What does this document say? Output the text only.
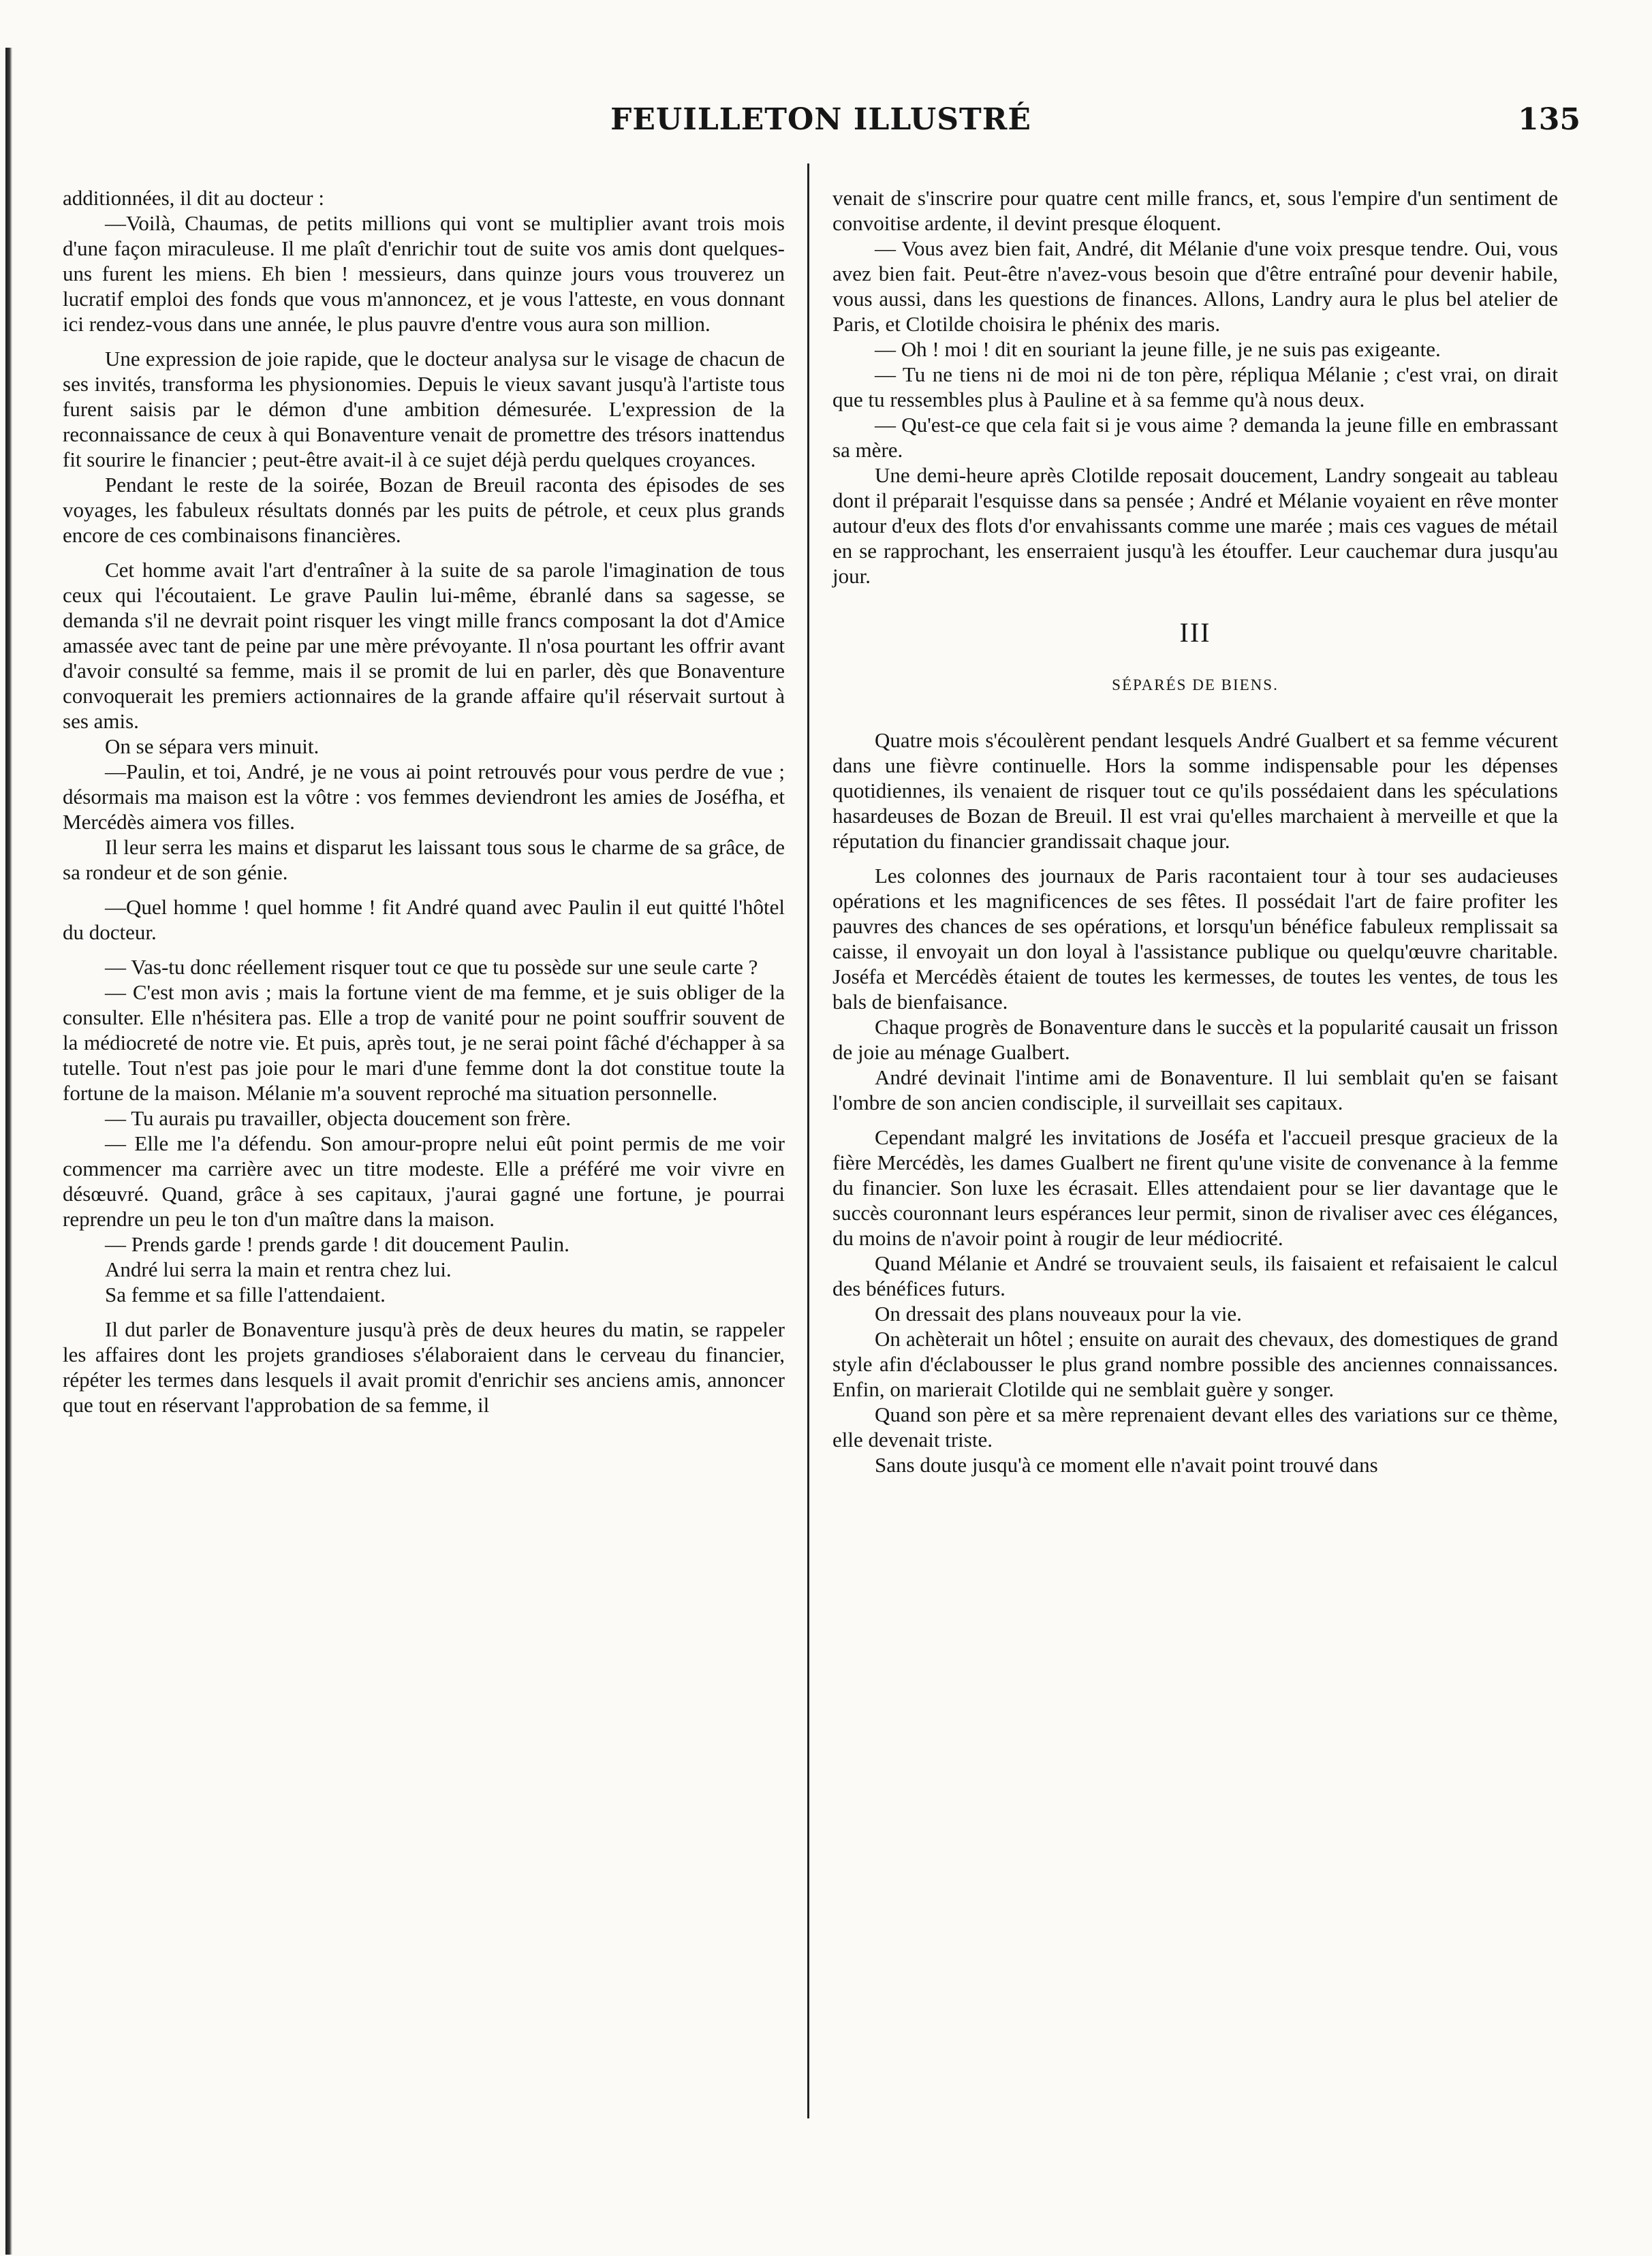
FEUILLETON ILLUSTRÉ	135

additionnées, il dit au docteur :

—Voilà, Chaumas, de petits millions qui vont se multiplier avant trois mois d'une façon miraculeuse. Il me plaît d'enrichir tout de suite vos amis dont quelques-uns furent les miens. Eh bien ! messieurs, dans quinze jours vous trouverez un lucratif emploi des fonds que vous m'annoncez, et je vous l'atteste, en vous donnant ici rendez-vous dans une année, le plus pauvre d'entre vous aura son million.

Une expression de joie rapide, que le docteur analysa sur le visage de chacun de ses invités, transforma les physionomies. Depuis le vieux savant jusqu'à l'artiste tous furent saisis par le démon d'une ambition démesurée. L'expression de la reconnaissance de ceux à qui Bonaventure venait de promettre des trésors inattendus fit sourire le financier ; peut-être avait-il à ce sujet déjà perdu quelques croyances.

Pendant le reste de la soirée, Bozan de Breuil raconta des épisodes de ses voyages, les fabuleux résultats donnés par les puits de pétrole, et ceux plus grands encore de ces combinaisons financières.

Cet homme avait l'art d'entraîner à la suite de sa parole l'imagination de tous ceux qui l'écoutaient. Le grave Paulin lui-même, ébranlé dans sa sagesse, se demanda s'il ne devrait point risquer les vingt mille francs composant la dot d'Amice amassée avec tant de peine par une mère prévoyante. Il n'osa pourtant les offrir avant d'avoir consulté sa femme, mais il se promit de lui en parler, dès que Bonaventure convoquerait les premiers actionnaires de la grande affaire qu'il réservait surtout à ses amis.

On se sépara vers minuit.

—Paulin, et toi, André, je ne vous ai point retrouvés pour vous perdre de vue ; désormais ma maison est la vôtre : vos femmes deviendront les amies de Joséfha, et Mercédès aimera vos filles.

Il leur serra les mains et disparut les laissant tous sous le charme de sa grâce, de sa rondeur et de son génie.

—Quel homme ! quel homme ! fit André quand avec Paulin il eut quitté l'hôtel du docteur.

— Vas-tu donc réellement risquer tout ce que tu possède sur une seule carte ?

— C'est mon avis ; mais la fortune vient de ma femme, et je suis obliger de la consulter. Elle n'hésitera pas. Elle a trop de vanité pour ne point souffrir souvent de la médiocreté de notre vie. Et puis, après tout, je ne serai point fâché d'échapper à sa tutelle. Tout n'est pas joie pour le mari d'une femme dont la dot constitue toute la fortune de la maison. Mélanie m'a souvent reproché ma situation personnelle.

— Tu aurais pu travailler, objecta doucement son frère.

— Elle me l'a défendu. Son amour-propre nelui eût point permis de me voir commencer ma carrière avec un titre modeste. Elle a préféré me voir vivre en désœuvré. Quand, grâce à ses capitaux, j'aurai gagné une fortune, je pourrai reprendre un peu le ton d'un maître dans la maison.

— Prends garde ! prends garde ! dit doucement Paulin.

André lui serra la main et rentra chez lui.

Sa femme et sa fille l'attendaient.

Il dut parler de Bonaventure jusqu'à près de deux heures du matin, se rappeler les affaires dont les projets grandioses s'élaboraient dans le cerveau du financier, répéter les termes dans lesquels il avait promit d'enrichir ses anciens amis, annoncer que tout en réservant l'approbation de sa femme, il

venait de s'inscrire pour quatre cent mille francs, et, sous l'empire d'un sentiment de convoitise ardente, il devint presque éloquent.

— Vous avez bien fait, André, dit Mélanie d'une voix presque tendre. Oui, vous avez bien fait. Peut-être n'avez-vous besoin que d'être entraîné pour devenir habile, vous aussi, dans les questions de finances. Allons, Landry aura le plus bel atelier de Paris, et Clotilde choisira le phénix des maris.

— Oh ! moi ! dit en souriant la jeune fille, je ne suis pas exigeante.

— Tu ne tiens ni de moi ni de ton père, répliqua Mélanie ; c'est vrai, on dirait que tu ressembles plus à Pauline et à sa femme qu'à nous deux.

— Qu'est-ce que cela fait si je vous aime ? demanda la jeune fille en embrassant sa mère.

Une demi-heure après Clotilde reposait doucement, Landry songeait au tableau dont il préparait l'esquisse dans sa pensée ; André et Mélanie voyaient en rêve monter autour d'eux des flots d'or envahissants comme une marée ; mais ces vagues de métail en se rapprochant, les enserraient jusqu'à les étouffer. Leur cauchemar dura jusqu'au jour.

III
SÉPARÉS DE BIENS.

Quatre mois s'écoulèrent pendant lesquels André Gualbert et sa femme vécurent dans une fièvre continuelle. Hors la somme indispensable pour les dépenses quotidiennes, ils venaient de risquer tout ce qu'ils possédaient dans les spéculations hasardeuses de Bozan de Breuil. Il est vrai qu'elles marchaient à merveille et que la réputation du financier grandissait chaque jour.

Les colonnes des journaux de Paris racontaient tour à tour ses audacieuses opérations et les magnificences de ses fêtes. Il possédait l'art de faire profiter les pauvres des chances de ses opérations, et lorsqu'un bénéfice fabuleux remplissait sa caisse, il envoyait un don loyal à l'assistance publique ou quelqu'œuvre charitable. Joséfa et Mercédès étaient de toutes les kermesses, de toutes les ventes, de tous les bals de bienfaisance.

Chaque progrès de Bonaventure dans le succès et la popularité causait un frisson de joie au ménage Gualbert.

André devinait l'intime ami de Bonaventure. Il lui semblait qu'en se faisant l'ombre de son ancien condisciple, il surveillait ses capitaux.

Cependant malgré les invitations de Joséfa et l'accueil presque gracieux de la fière Mercédès, les dames Gualbert ne firent qu'une visite de convenance à la femme du financier. Son luxe les écrasait. Elles attendaient pour se lier davantage que le succès couronnant leurs espérances leur permit, sinon de rivaliser avec ces élégances, du moins de n'avoir point à rougir de leur médiocrité.

Quand Mélanie et André se trouvaient seuls, ils faisaient et refaisaient le calcul des bénéfices futurs.

On dressait des plans nouveaux pour la vie.

On achèterait un hôtel ; ensuite on aurait des chevaux, des domestiques de grand style afin d'éclabousser le plus grand nombre possible des anciennes connaissances. Enfin, on marierait Clotilde qui ne semblait guère y songer.

Quand son père et sa mère reprenaient devant elles des variations sur ce thème, elle devenait triste.

Sans doute jusqu'à ce moment elle n'avait point trouvé dans
